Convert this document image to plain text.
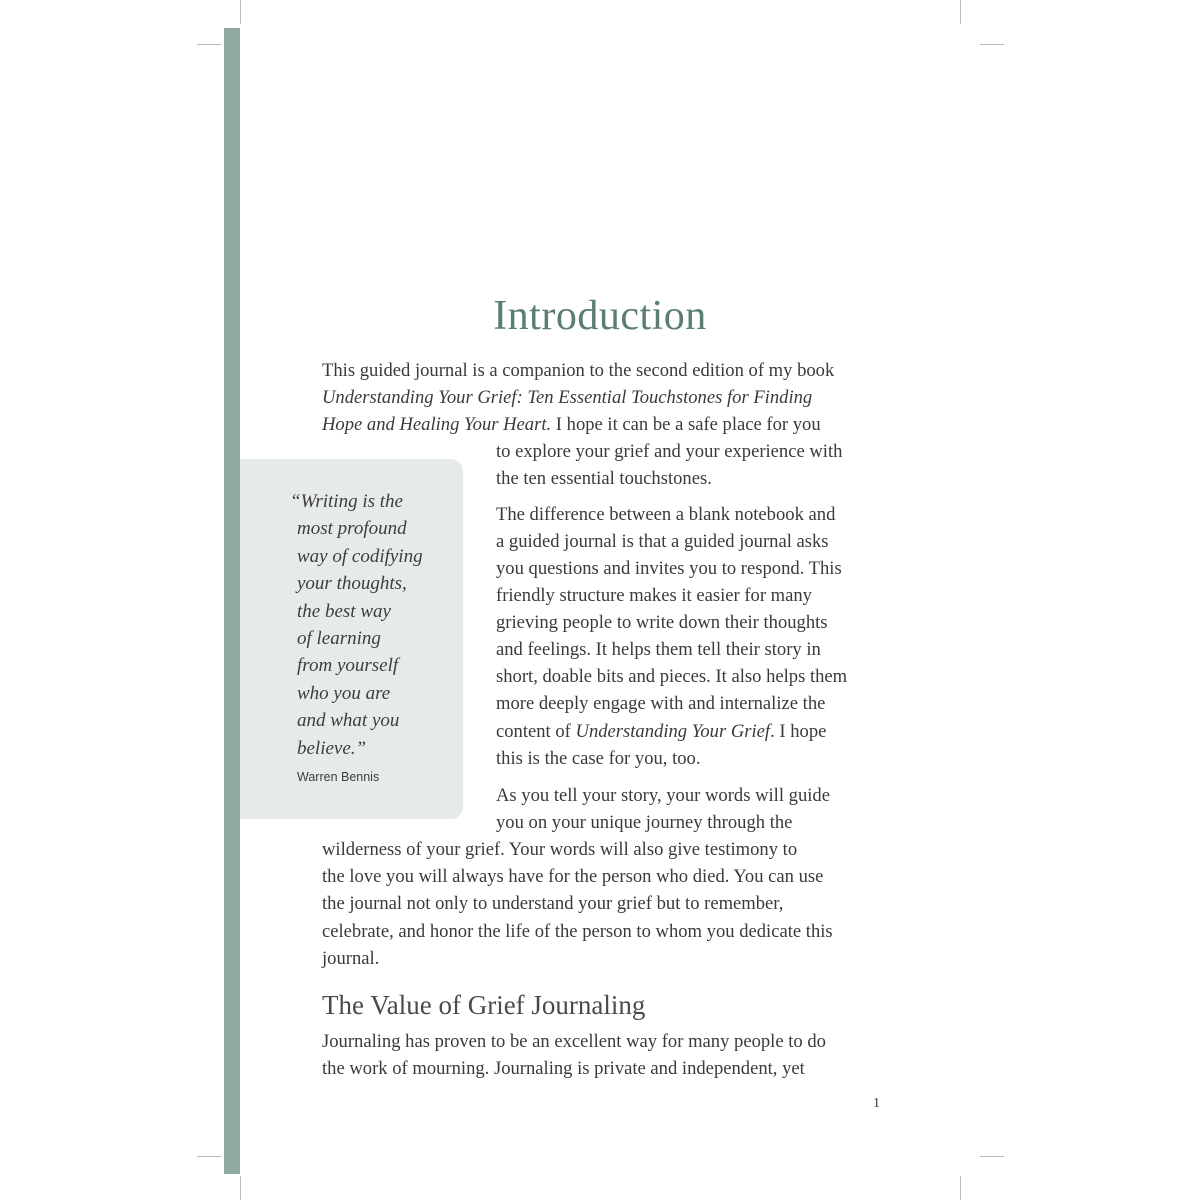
Introduction

This guided journal is a companion to the second edition of my book

Understanding Your Grief: Ten Essential Touchstones for Finding

Hope and Healing Your Heart. I hope it can be a safe place for you

to explore your grief and your experience with

the ten essential touchstones.

“Writing is the
most profound
way of codifying
your thoughts,
the best way
of learning
from yourself
who you are
and what you
believe.”
Warren Bennis

The difference between a blank notebook and

a guided journal is that a guided journal asks

you questions and invites you to respond. This

friendly structure makes it easier for many

grieving people to write down their thoughts

and feelings. It helps them tell their story in

short, doable bits and pieces. It also helps them

more deeply engage with and internalize the

content of Understanding Your Grief. I hope

this is the case for you, too.

As you tell your story, your words will guide

you on your unique journey through the

wilderness of your grief. Your words will also give testimony to

the love you will always have for the person who died. You can use

the journal not only to understand your grief but to remember,

celebrate, and honor the life of the person to whom you dedicate this

journal.

The Value of Grief Journaling

Journaling has proven to be an excellent way for many people to do

the work of mourning. Journaling is private and independent, yet

1
